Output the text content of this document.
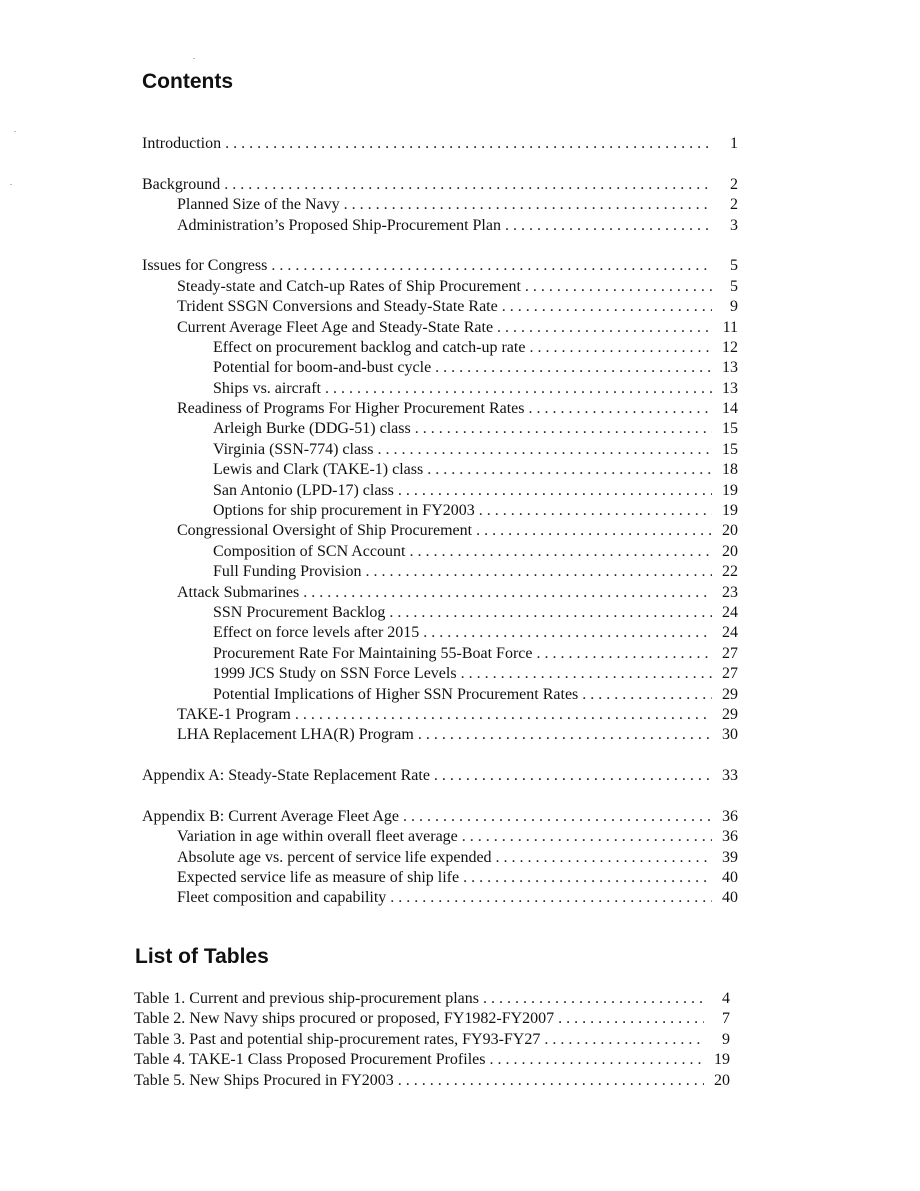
Contents
Introduction . . .	1
Background . . .	2
Planned Size of the Navy . . .	2
Administration’s Proposed Ship-Procurement Plan . . .	3
Issues for Congress . . .	5
Steady-state and Catch-up Rates of Ship Procurement . . .	5
Trident SSGN Conversions and Steady-State Rate . . .	9
Current Average Fleet Age and Steady-State Rate . . .	11
Effect on procurement backlog and catch-up rate . . .	12
Potential for boom-and-bust cycle . . .	13
Ships vs. aircraft . . .	13
Readiness of Programs For Higher Procurement Rates . . .	14
Arleigh Burke (DDG-51) class . . .	15
Virginia (SSN-774) class . . .	15
Lewis and Clark (TAKE-1) class . . .	18
San Antonio (LPD-17) class . . .	19
Options for ship procurement in FY2003 . . .	19
Congressional Oversight of Ship Procurement . . .	20
Composition of SCN Account . . .	20
Full Funding Provision . . .	22
Attack Submarines . . .	23
SSN Procurement Backlog . . .	24
Effect on force levels after 2015 . . .	24
Procurement Rate For Maintaining 55-Boat Force . . .	27
1999 JCS Study on SSN Force Levels . . .	27
Potential Implications of Higher SSN Procurement Rates . . .	29
TAKE-1 Program . . .	29
LHA Replacement LHA(R) Program . . .	30
Appendix A: Steady-State Replacement Rate . . .	33
Appendix B: Current Average Fleet Age . . .	36
Variation in age within overall fleet average . . .	36
Absolute age vs. percent of service life expended . . .	39
Expected service life as measure of ship life . . .	40
Fleet composition and capability . . .	40
List of Tables
Table 1. Current and previous ship-procurement plans . . .	4
Table 2. New Navy ships procured or proposed, FY1982-FY2007 . . .	7
Table 3. Past and potential ship-procurement rates, FY93-FY27 . . .	9
Table 4. TAKE-1 Class Proposed Procurement Profiles . . .	19
Table 5. New Ships Procured in FY2003 . . .	20
